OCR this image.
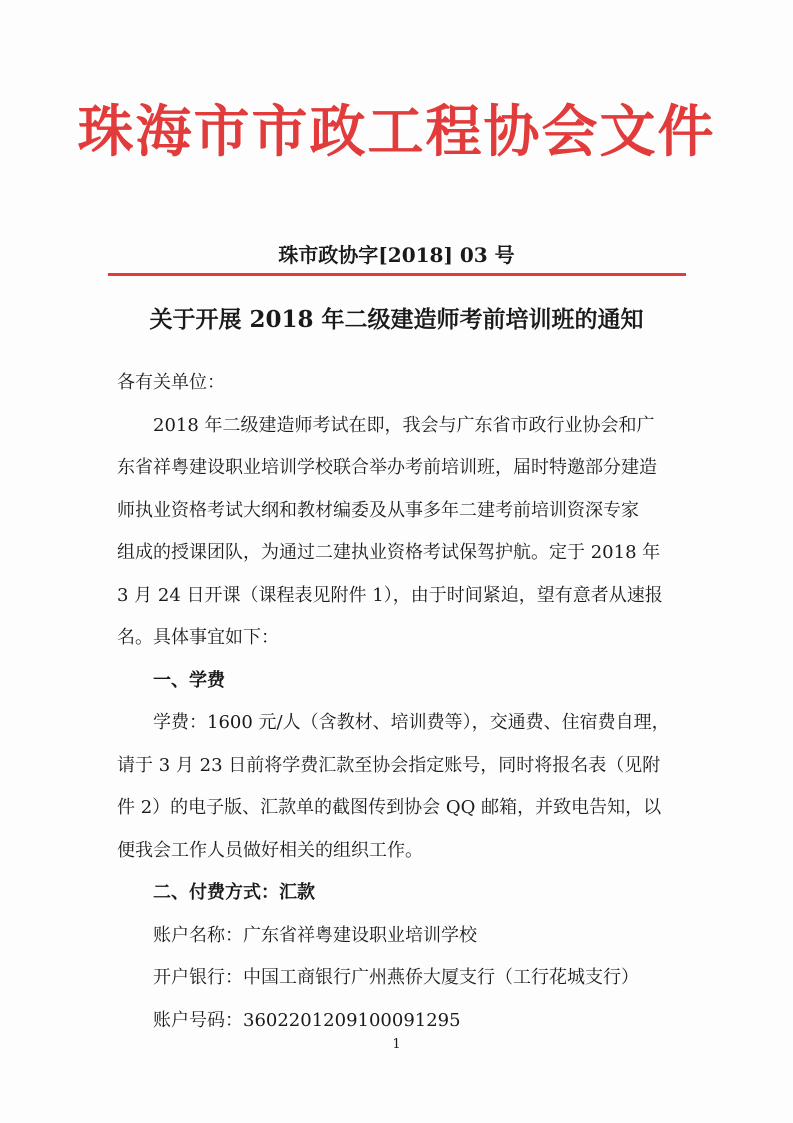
珠海市市政工程协会文件
珠市政协字[2018] 03 号
关于开展 2018 年二级建造师考前培训班的通知
各有关单位：
2018 年二级建造师考试在即，我会与广东省市政行业协会和广
东省祥粤建设职业培训学校联合举办考前培训班，届时特邀部分建造
师执业资格考试大纲和教材编委及从事多年二建考前培训资深专家
组成的授课团队，为通过二建执业资格考试保驾护航。定于 2018 年
3 月 24 日开课（课程表见附件 1），由于时间紧迫，望有意者从速报
名。具体事宜如下：
一、学费
学费：1600 元/人（含教材、培训费等），交通费、住宿费自理，
请于 3 月 23 日前将学费汇款至协会指定账号，同时将报名表（见附
件 2）的电子版、汇款单的截图传到协会 QQ 邮箱，并致电告知，以
便我会工作人员做好相关的组织工作。
二、付费方式：汇款
账户名称：广东省祥粤建设职业培训学校
开户银行：中国工商银行广州燕侨大厦支行（工行花城支行）
账户号码：3602201209100091295
1
